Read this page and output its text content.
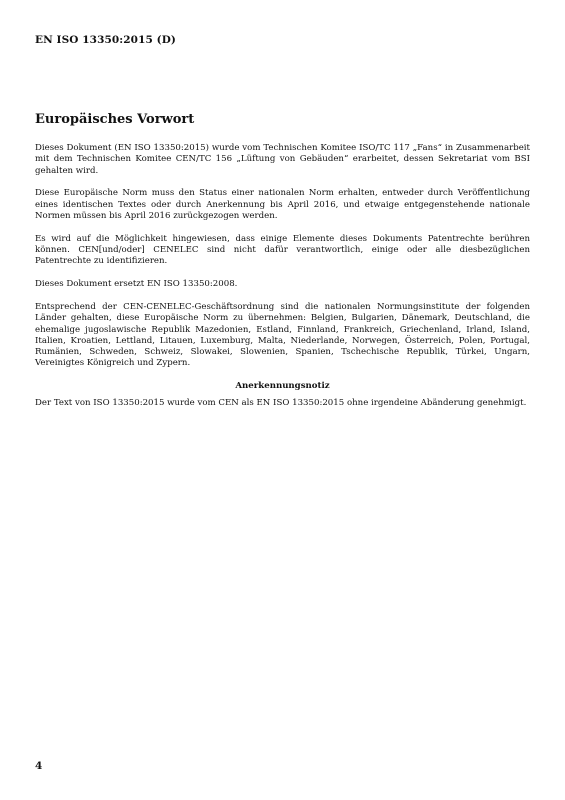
EN ISO 13350:2015 (D)
Europäisches Vorwort

Dieses Dokument (EN ISO 13350:2015) wurde vom Technischen Komitee ISO/TC 117 „Fans“ in Zusammenarbeit mit dem Technischen Komitee CEN/TC 156 „Lüftung von Gebäuden“ erarbeitet, dessen Sekretariat vom BSI gehalten wird.

Diese Europäische Norm muss den Status einer nationalen Norm erhalten, entweder durch Veröffentlichung eines identischen Textes oder durch Anerkennung bis April 2016, und etwaige entgegenstehende nationale Normen müssen bis April 2016 zurückgezogen werden.

Es wird auf die Möglichkeit hingewiesen, dass einige Elemente dieses Dokuments Patentrechte berühren können. CEN[und/oder] CENELEC sind nicht dafür verantwortlich, einige oder alle diesbezüglichen Patentrechte zu identifizieren.

Dieses Dokument ersetzt EN ISO 13350:2008.

Entsprechend der CEN-CENELEC-Geschäftsordnung sind die nationalen Normungsinstitute der folgenden Länder gehalten, diese Europäische Norm zu übernehmen: Belgien, Bulgarien, Dänemark, Deutschland, die ehemalige jugoslawische Republik Mazedonien, Estland, Finnland, Frankreich, Griechenland, Irland, Island, Italien, Kroatien, Lettland, Litauen, Luxemburg, Malta, Niederlande, Norwegen, Österreich, Polen, Portugal, Rumänien, Schweden, Schweiz, Slowakei, Slowenien, Spanien, Tschechische Republik, Türkei, Ungarn, Vereinigtes Königreich und Zypern.

Anerkennungsnotiz

Der Text von ISO 13350:2015 wurde vom CEN als EN ISO 13350:2015 ohne irgendeine Abänderung genehmigt.

4
